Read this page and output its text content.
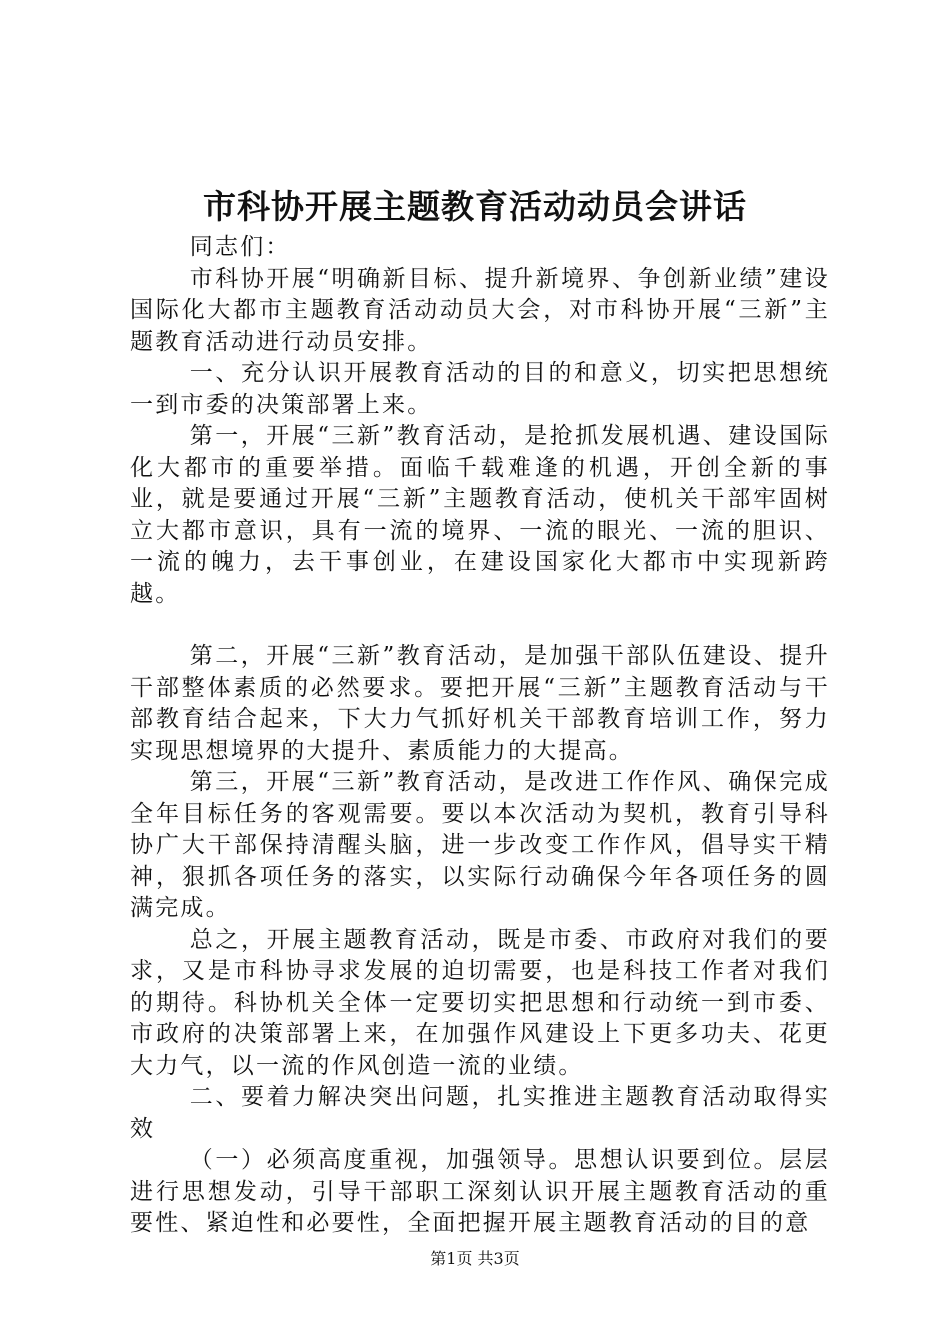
市科协开展主题教育活动动员会讲话

同志们：

市科协开展“明确新目标、提升新境界、争创新业绩”建设国际化大都市主题教育活动动员大会，对市科协开展“三新”主题教育活动进行动员安排。

一、充分认识开展教育活动的目的和意义，切实把思想统一到市委的决策部署上来。

第一，开展“三新”教育活动，是抢抓发展机遇、建设国际化大都市的重要举措。面临千载难逢的机遇，开创全新的事业，就是要通过开展“三新”主题教育活动，使机关干部牢固树立大都市意识，具有一流的境界、一流的眼光、一流的胆识、一流的魄力，去干事创业，在建设国家化大都市中实现新跨越。

第二，开展“三新”教育活动，是加强干部队伍建设、提升干部整体素质的必然要求。要把开展“三新”主题教育活动与干部教育结合起来，下大力气抓好机关干部教育培训工作，努力实现思想境界的大提升、素质能力的大提高。

第三，开展“三新”教育活动，是改进工作作风、确保完成全年目标任务的客观需要。要以本次活动为契机，教育引导科协广大干部保持清醒头脑，进一步改变工作作风，倡导实干精神，狠抓各项任务的落实，以实际行动确保今年各项任务的圆满完成。

总之，开展主题教育活动，既是市委、市政府对我们的要求，又是市科协寻求发展的迫切需要，也是科技工作者对我们的期待。科协机关全体一定要切实把思想和行动统一到市委、市政府的决策部署上来，在加强作风建设上下更多功夫、花更大力气，以一流的作风创造一流的业绩。

二、要着力解决突出问题，扎实推进主题教育活动取得实效

（一）必须高度重视，加强领导。思想认识要到位。层层进行思想发动，引导干部职工深刻认识开展主题教育活动的重要性、紧迫性和必要性，全面把握开展主题教育活动的目的意

第1页 共3页
